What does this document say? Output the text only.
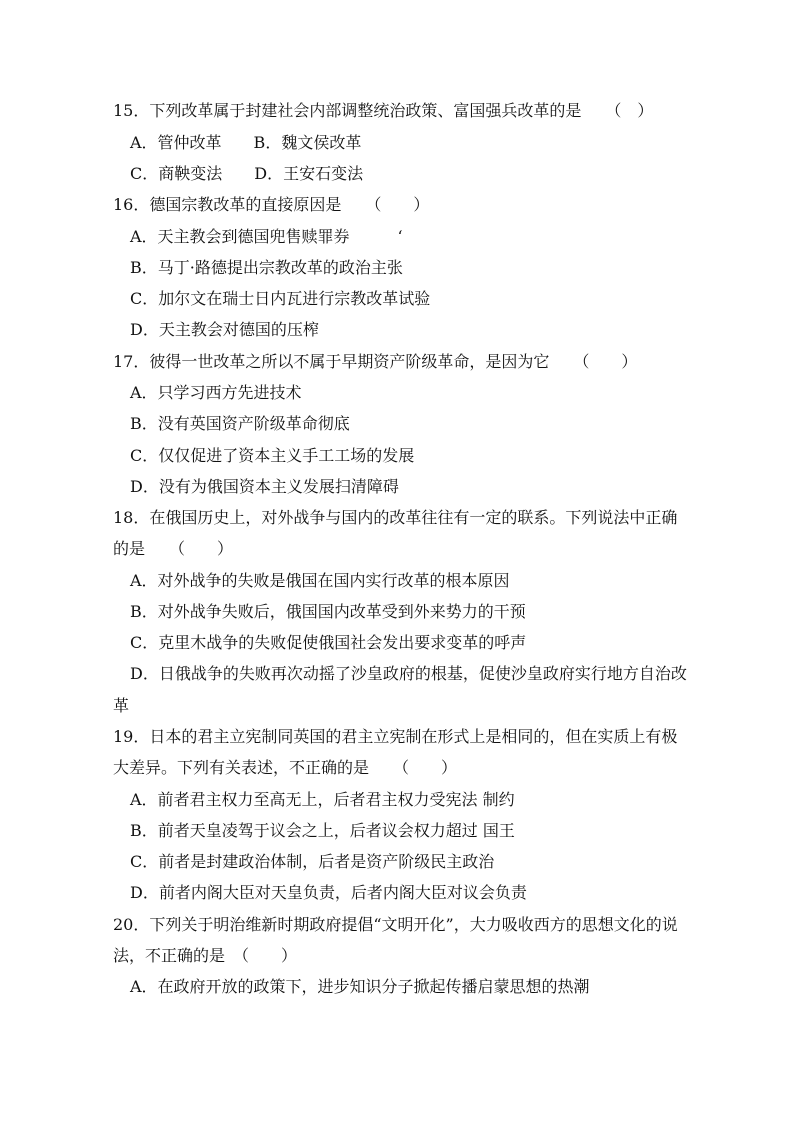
15．下列改革属于封建社会内部调整统治政策、富国强兵改革的是　　（　）
A．管仲改革　　B．魏文侯改革
C．商鞅变法　　D．王安石变法
16．德国宗教改革的直接原因是　　（　　）
A．天主教会到德国兜售赎罪券　　　‘
B．马丁·路德提出宗教改革的政治主张
C．加尔文在瑞士日内瓦进行宗教改革试验
D．天主教会对德国的压榨
17．彼得一世改革之所以不属于早期资产阶级革命，是因为它　　（　　）
A．只学习西方先进技术
B．没有英国资产阶级革命彻底
C．仅仅促进了资本主义手工工场的发展
D．没有为俄国资本主义发展扫清障碍
18．在俄国历史上，对外战争与国内的改革往往有一定的联系。下列说法中正确
的是　　（　　）
A．对外战争的失败是俄国在国内实行改革的根本原因
B．对外战争失败后，俄国国内改革受到外来势力的干预
C．克里木战争的失败促使俄国社会发出要求变革的呼声
D．日俄战争的失败再次动摇了沙皇政府的根基，促使沙皇政府实行地方自治改
革
19．日本的君主立宪制同英国的君主立宪制在形式上是相同的，但在实质上有极
大差异。下列有关表述，不正确的是　　（　　）
A．前者君主权力至高无上，后者君主权力受宪法 制约
B．前者天皇凌驾于议会之上，后者议会权力超过 国王
C．前者是封建政治体制，后者是资产阶级民主政治
D．前者内阁大臣对天皇负责，后者内阁大臣对议会负责
20．下列关于明治维新时期政府提倡“文明开化”，大力吸收西方的思想文化的说
法，不正确的是　（　　）
A．在政府开放的政策下，进步知识分子掀起传播启蒙思想的热潮
